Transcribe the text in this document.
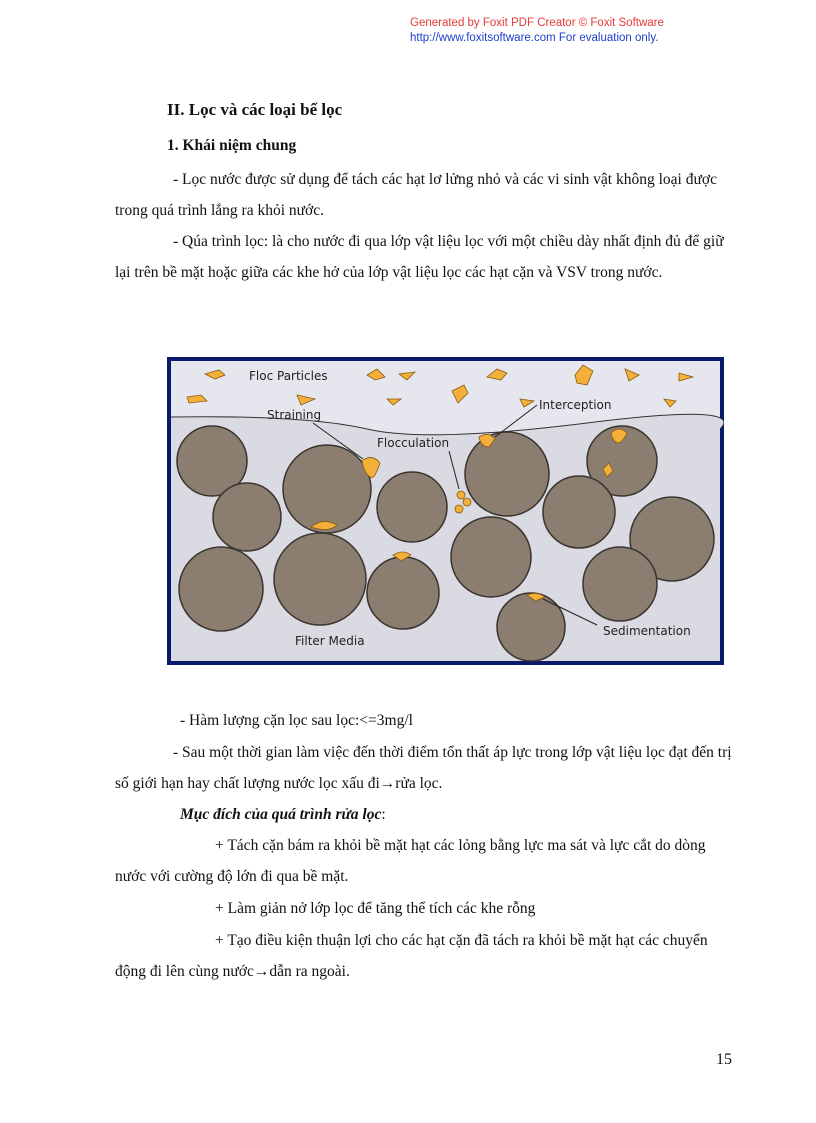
Generated by Foxit PDF Creator © Foxit Software
http://www.foxitsoftware.com For evaluation only.
II. Lọc và các loại bể lọc
1. Khái niệm chung

- Lọc nước được sử dụng để tách các hạt lơ lửng nhỏ và các vi sinh vật không loại được trong quá trình lắng ra khỏi nước.

- Qúa trình lọc: là cho nước đi qua lớp vật liệu lọc với một chiều dày nhất định đủ để giữ lại trên bề mặt hoặc giữa các khe hở của lớp vật liệu lọc các hạt cặn và VSV trong nước.

Floc Particles
Straining
Interception
Flocculation
Sedimentation
Filter Media

- Hàm lượng cặn lọc sau lọc:<=3mg/l

- Sau một thời gian làm việc đến thời điểm tổn thất áp lực trong lớp vật liệu lọc đạt đến trị số giới hạn hay chất lượng nước lọc xấu đi→rửa lọc.

Mục đích của quá trình rửa lọc:

+ Tách cặn bám ra khỏi bề mặt hạt các lỏng bằng lực ma sát và lực cắt do dòng nước với cường độ lớn đi qua bề mặt.

+ Làm giản nở lớp lọc để tăng thể tích các khe rỗng

+ Tạo điều kiện thuận lợi cho các hạt cặn đã tách ra khỏi bề mặt hạt các chuyển động đi lên cùng nước→dẫn ra ngoài.

15
